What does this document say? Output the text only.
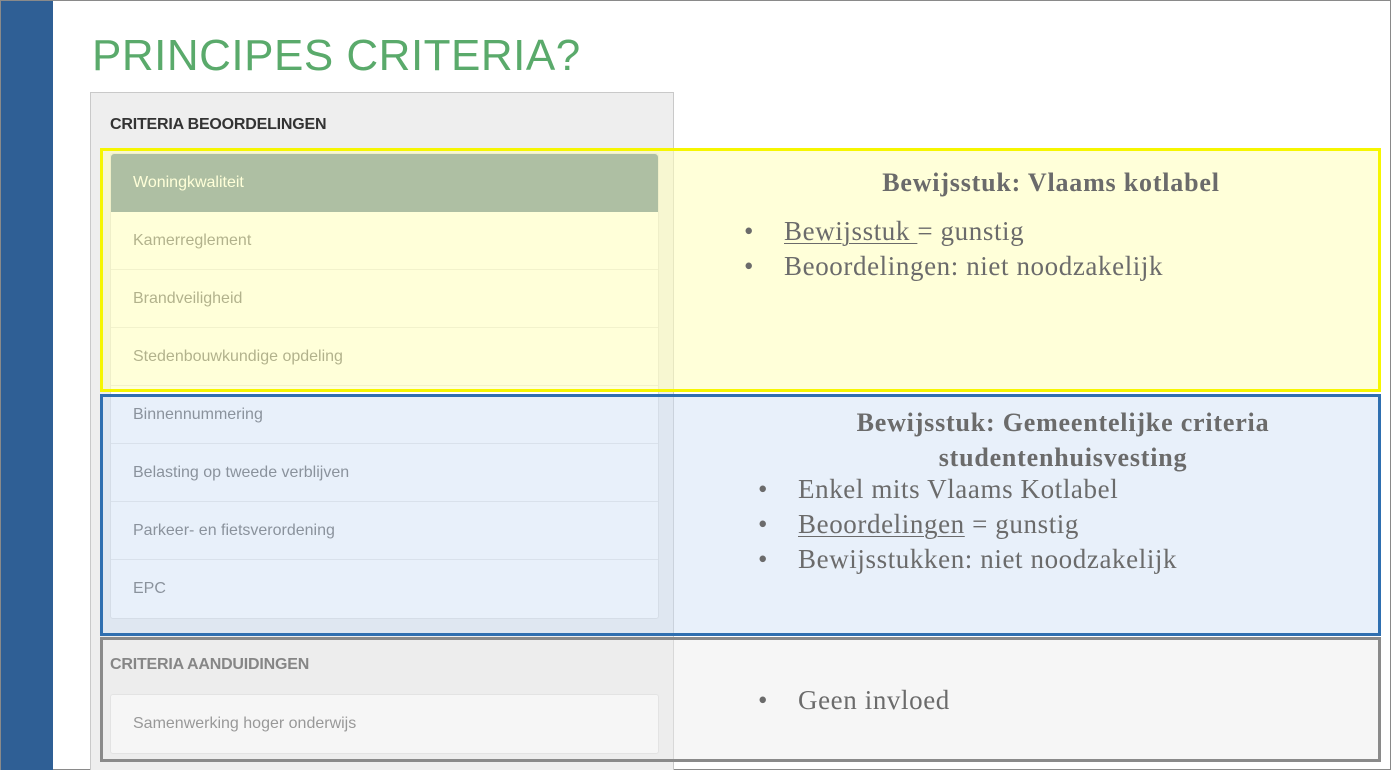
PRINCIPES CRITERIA?
CRITERIA BEOORDELINGEN
Binnennummering
Belasting op tweede verblijven
Parkeer- en fietsverordening
EPC
CRITERIA AANDUIDINGEN
Samenwerking hoger onderwijs
Bewijsstuk: Vlaams kotlabel
• Bewijsstuk = gunstig
• Beoordelingen: niet noodzakelijk
Bewijsstuk: Gemeentelijke criteria
studentenhuisvesting
• Enkel mits Vlaams Kotlabel
• Beoordelingen = gunstig
• Bewijsstukken: niet noodzakelijk
• Geen invloed
